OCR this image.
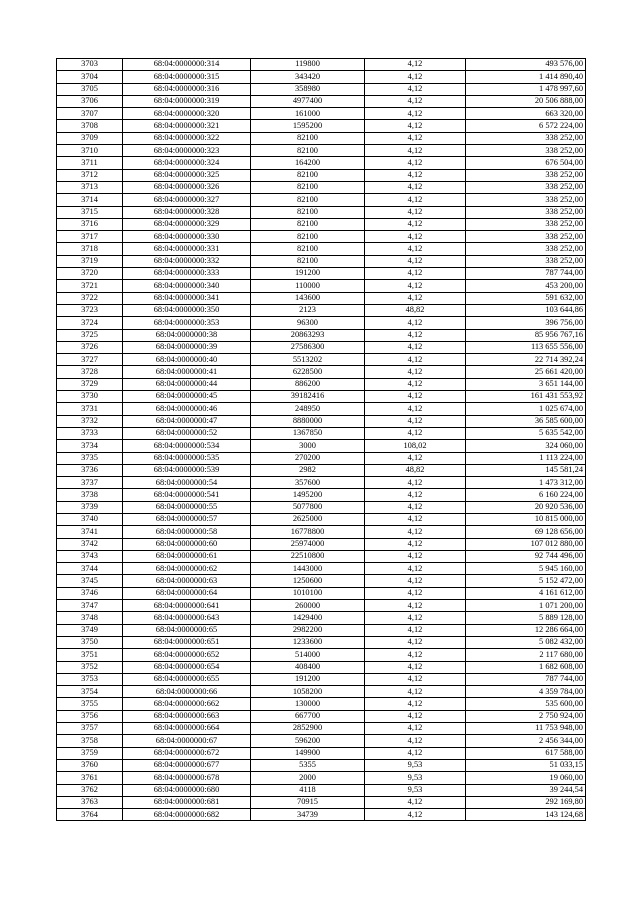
3703	68:04:0000000:314	119800	4,12	493 576,00
3704	68:04:0000000:315	343420	4,12	1 414 890,40
3705	68:04:0000000:316	358980	4,12	1 478 997,60
3706	68:04:0000000:319	4977400	4,12	20 506 888,00
3707	68:04:0000000:320	161000	4,12	663 320,00
3708	68:04:0000000:321	1595200	4,12	6 572 224,00
3709	68:04:0000000:322	82100	4,12	338 252,00
3710	68:04:0000000:323	82100	4,12	338 252,00
3711	68:04:0000000:324	164200	4,12	676 504,00
3712	68:04:0000000:325	82100	4,12	338 252,00
3713	68:04:0000000:326	82100	4,12	338 252,00
3714	68:04:0000000:327	82100	4,12	338 252,00
3715	68:04:0000000:328	82100	4,12	338 252,00
3716	68:04:0000000:329	82100	4,12	338 252,00
3717	68:04:0000000:330	82100	4,12	338 252,00
3718	68:04:0000000:331	82100	4,12	338 252,00
3719	68:04:0000000:332	82100	4,12	338 252,00
3720	68:04:0000000:333	191200	4,12	787 744,00
3721	68:04:0000000:340	110000	4,12	453 200,00
3722	68:04:0000000:341	143600	4,12	591 632,00
3723	68:04:0000000:350	2123	48,82	103 644,86
3724	68:04:0000000:353	96300	4,12	396 756,00
3725	68:04:0000000:38	20863293	4,12	85 956 767,16
3726	68:04:0000000:39	27586300	4,12	113 655 556,00
3727	68:04:0000000:40	5513202	4,12	22 714 392,24
3728	68:04:0000000:41	6228500	4,12	25 661 420,00
3729	68:04:0000000:44	886200	4,12	3 651 144,00
3730	68:04:0000000:45	39182416	4,12	161 431 553,92
3731	68:04:0000000:46	248950	4,12	1 025 674,00
3732	68:04:0000000:47	8880000	4,12	36 585 600,00
3733	68:04:0000000:52	1367850	4,12	5 635 542,00
3734	68:04:0000000:534	3000	108,02	324 060,00
3735	68:04:0000000:535	270200	4,12	1 113 224,00
3736	68:04:0000000:539	2982	48,82	145 581,24
3737	68:04:0000000:54	357600	4,12	1 473 312,00
3738	68:04:0000000:541	1495200	4,12	6 160 224,00
3739	68:04:0000000:55	5077800	4,12	20 920 536,00
3740	68:04:0000000:57	2625000	4,12	10 815 000,00
3741	68:04:0000000:58	16778800	4,12	69 128 656,00
3742	68:04:0000000:60	25974000	4,12	107 012 880,00
3743	68:04:0000000:61	22510800	4,12	92 744 496,00
3744	68:04:0000000:62	1443000	4,12	5 945 160,00
3745	68:04:0000000:63	1250600	4,12	5 152 472,00
3746	68:04:0000000:64	1010100	4,12	4 161 612,00
3747	68:04:0000000:641	260000	4,12	1 071 200,00
3748	68:04:0000000:643	1429400	4,12	5 889 128,00
3749	68:04:0000000:65	2982200	4,12	12 286 664,00
3750	68:04:0000000:651	1233600	4,12	5 082 432,00
3751	68:04:0000000:652	514000	4,12	2 117 680,00
3752	68:04:0000000:654	408400	4,12	1 682 608,00
3753	68:04:0000000:655	191200	4,12	787 744,00
3754	68:04:0000000:66	1058200	4,12	4 359 784,00
3755	68:04:0000000:662	130000	4,12	535 600,00
3756	68:04:0000000:663	667700	4,12	2 750 924,00
3757	68:04:0000000:664	2852900	4,12	11 753 948,00
3758	68:04:0000000:67	596200	4,12	2 456 344,00
3759	68:04:0000000:672	149900	4,12	617 588,00
3760	68:04:0000000:677	5355	9,53	51 033,15
3761	68:04:0000000:678	2000	9,53	19 060,00
3762	68:04:0000000:680	4118	9,53	39 244,54
3763	68:04:0000000:681	70915	4,12	292 169,80
3764	68:04:0000000:682	34739	4,12	143 124,68
